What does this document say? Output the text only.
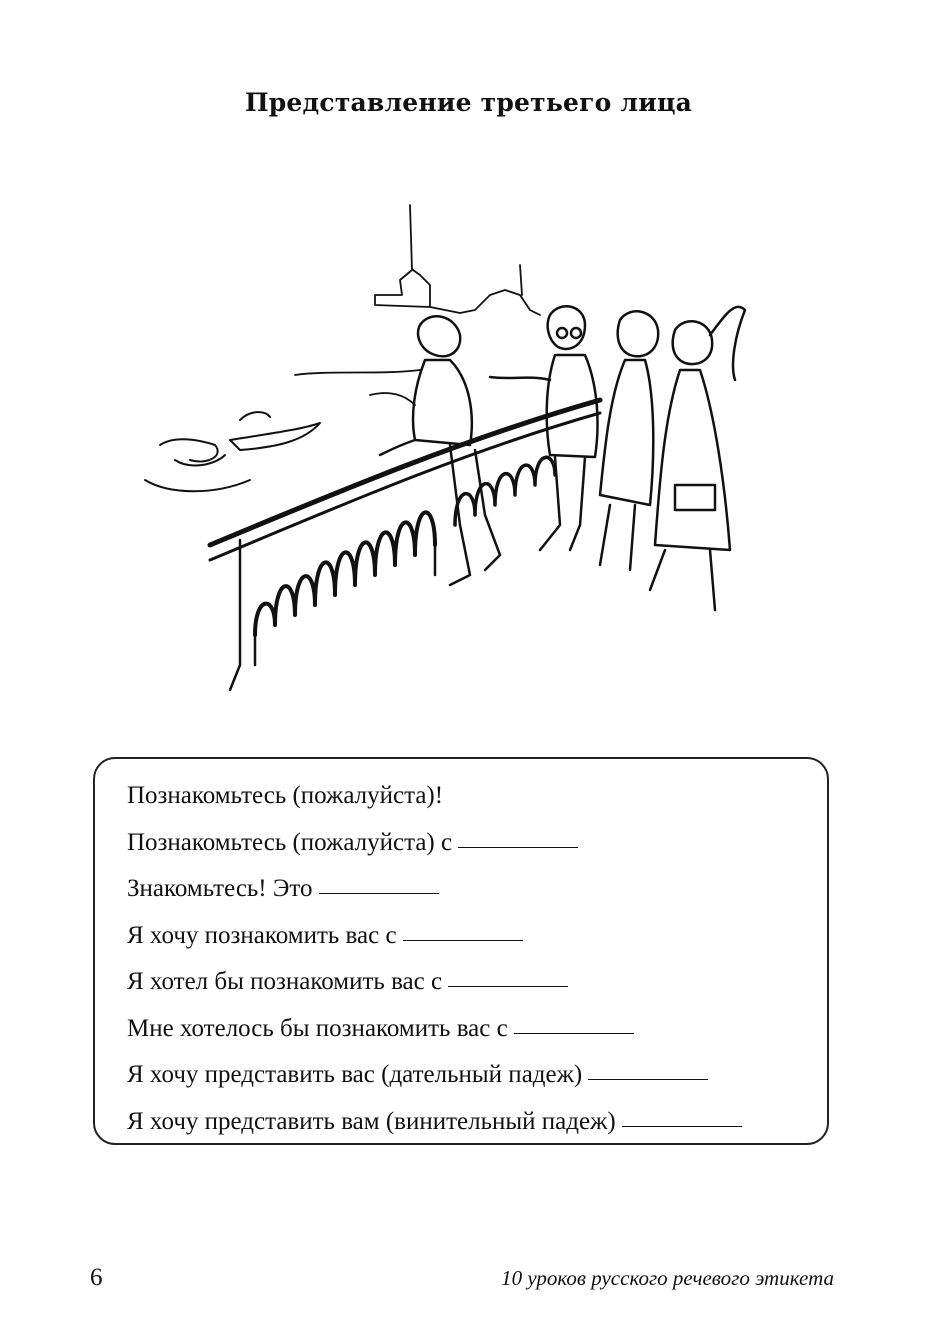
Представление третьего лица
Познакомьтесь (пожалуйста)!
Познакомьтесь (пожалуйста) с
Знакомьтесь! Это
Я хочу познакомить вас с
Я хотел бы познакомить вас с
Мне хотелось бы познакомить вас с
Я хочу представить вас (дательный падеж)
Я хочу представить вам (винительный падеж)
6	10 уроков русского речевого этикета
